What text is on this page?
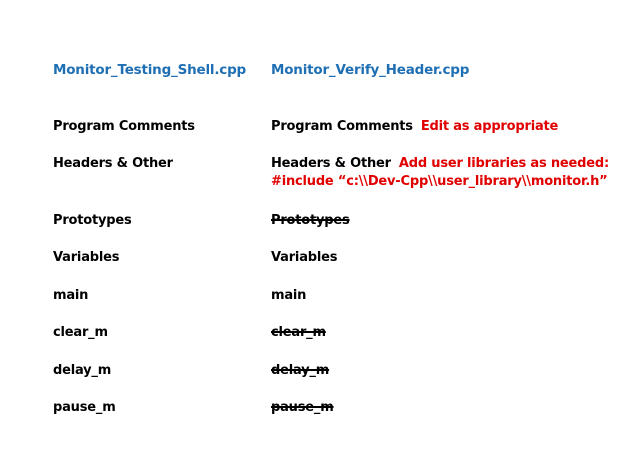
Monitor_Testing_Shell.cpp
Program Comments
Headers & Other
Prototypes
Variables
main
clear_m
delay_m
pause_m
Monitor_Verify_Header.cpp
Program Comments Edit as appropriate
Headers & Other Add user libraries as needed:
#include “c:\\Dev-Cpp\\user_library\\monitor.h”
Prototypes
Variables
main
clear_m
delay_m
pause_m
